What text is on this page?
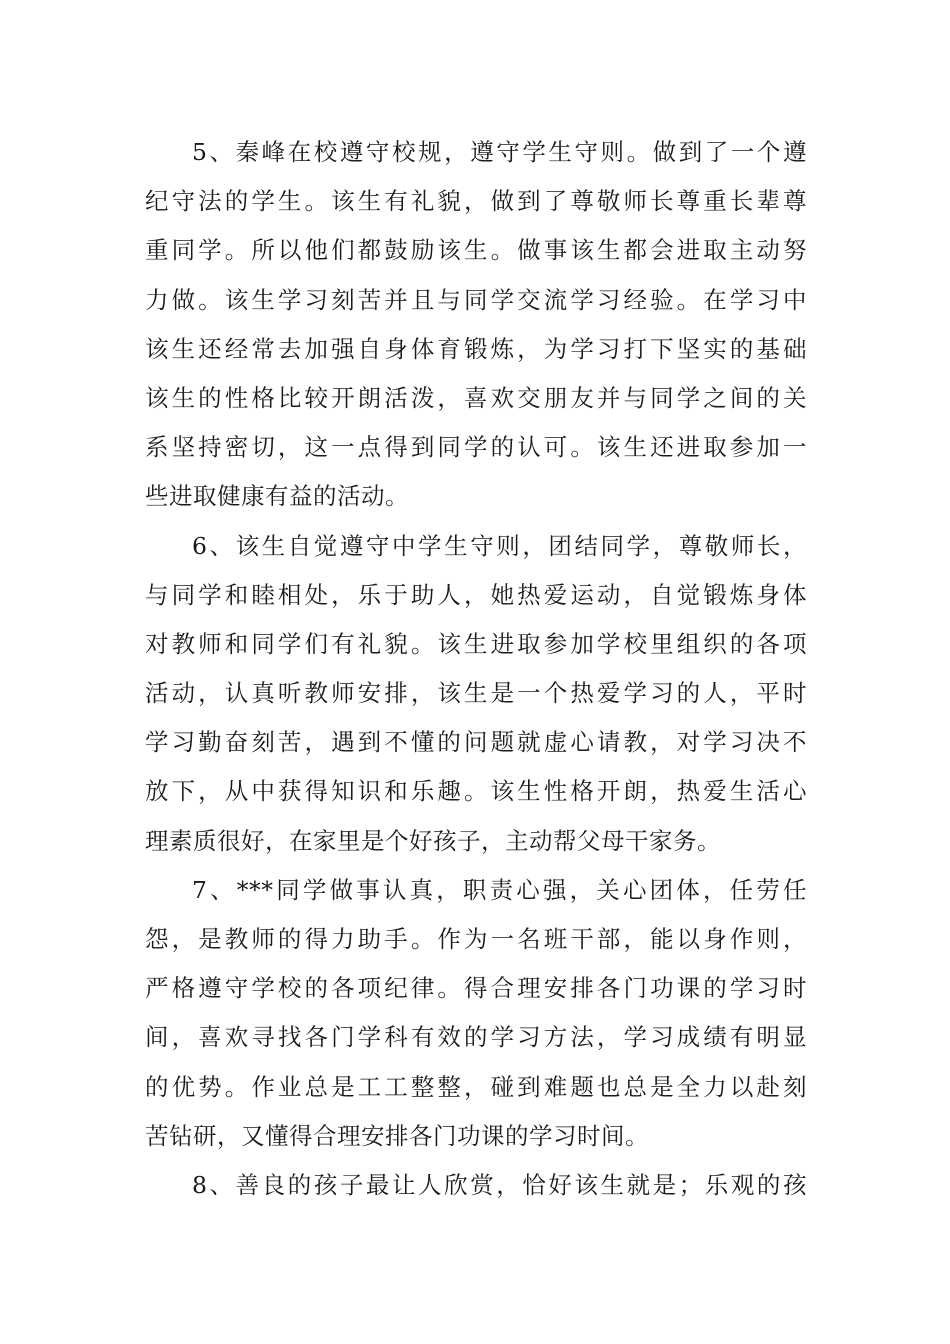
5、秦峰在校遵守校规，遵守学生守则。做到了一个遵
纪守法的学生。该生有礼貌，做到了尊敬师长尊重长辈尊
重同学。所以他们都鼓励该生。做事该生都会进取主动努
力做。该生学习刻苦并且与同学交流学习经验。在学习中
该生还经常去加强自身体育锻炼，为学习打下坚实的基础
该生的性格比较开朗活泼，喜欢交朋友并与同学之间的关
系坚持密切，这一点得到同学的认可。该生还进取参加一
些进取健康有益的活动。
6、该生自觉遵守中学生守则，团结同学，尊敬师长，
与同学和睦相处，乐于助人，她热爱运动，自觉锻炼身体
对教师和同学们有礼貌。该生进取参加学校里组织的各项
活动，认真听教师安排，该生是一个热爱学习的人，平时
学习勤奋刻苦，遇到不懂的问题就虚心请教，对学习决不
放下，从中获得知识和乐趣。该生性格开朗，热爱生活心
理素质很好，在家里是个好孩子，主动帮父母干家务。
7、***同学做事认真，职责心强，关心团体，任劳任
怨，是教师的得力助手。作为一名班干部，能以身作则，
严格遵守学校的各项纪律。得合理安排各门功课的学习时
间，喜欢寻找各门学科有效的学习方法，学习成绩有明显
的优势。作业总是工工整整，碰到难题也总是全力以赴刻
苦钻研，又懂得合理安排各门功课的学习时间。
8、善良的孩子最让人欣赏，恰好该生就是；乐观的孩
